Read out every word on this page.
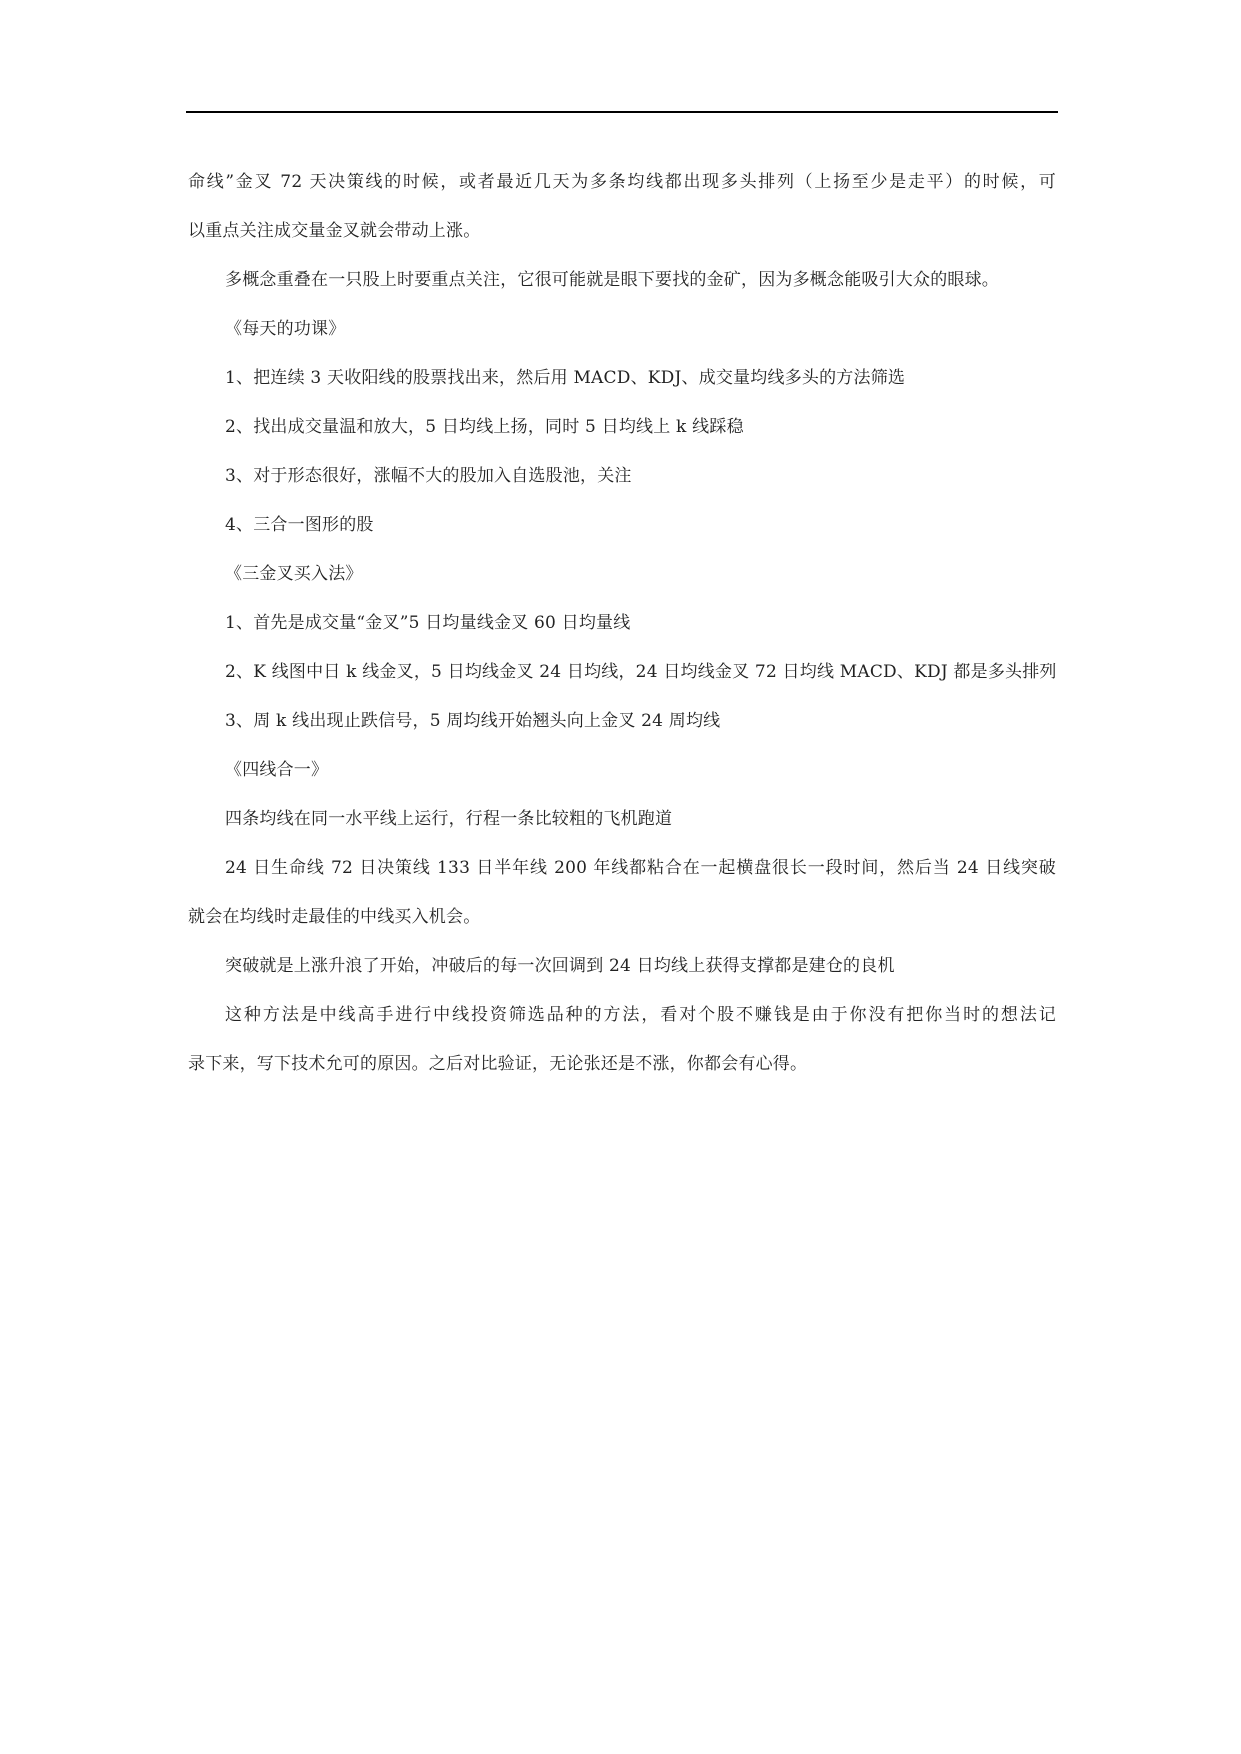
命线”金叉 72 天决策线的时候，或者最近几天为多条均线都出现多头排列（上扬至少是走平）的时候，可
以重点关注成交量金叉就会带动上涨。
多概念重叠在一只股上时要重点关注，它很可能就是眼下要找的金矿，因为多概念能吸引大众的眼球。
《每天的功课》
1、把连续 3 天收阳线的股票找出来，然后用 MACD、KDJ、成交量均线多头的方法筛选
2、找出成交量温和放大，5 日均线上扬，同时 5 日均线上 k 线踩稳
3、对于形态很好，涨幅不大的股加入自选股池，关注
4、三合一图形的股
《三金叉买入法》
1、首先是成交量“金叉”5 日均量线金叉 60 日均量线
2、K 线图中日 k 线金叉，5 日均线金叉 24 日均线，24 日均线金叉 72 日均线 MACD、KDJ 都是多头排列
3、周 k 线出现止跌信号，5 周均线开始翘头向上金叉 24 周均线
《四线合一》
四条均线在同一水平线上运行，行程一条比较粗的飞机跑道
24 日生命线 72 日决策线 133 日半年线 200 年线都粘合在一起横盘很长一段时间，然后当 24 日线突破
就会在均线时走最佳的中线买入机会。
突破就是上涨升浪了开始，冲破后的每一次回调到 24 日均线上获得支撑都是建仓的良机
这种方法是中线高手进行中线投资筛选品种的方法，看对个股不赚钱是由于你没有把你当时的想法记
录下来，写下技术允可的原因。之后对比验证，无论张还是不涨，你都会有心得。
